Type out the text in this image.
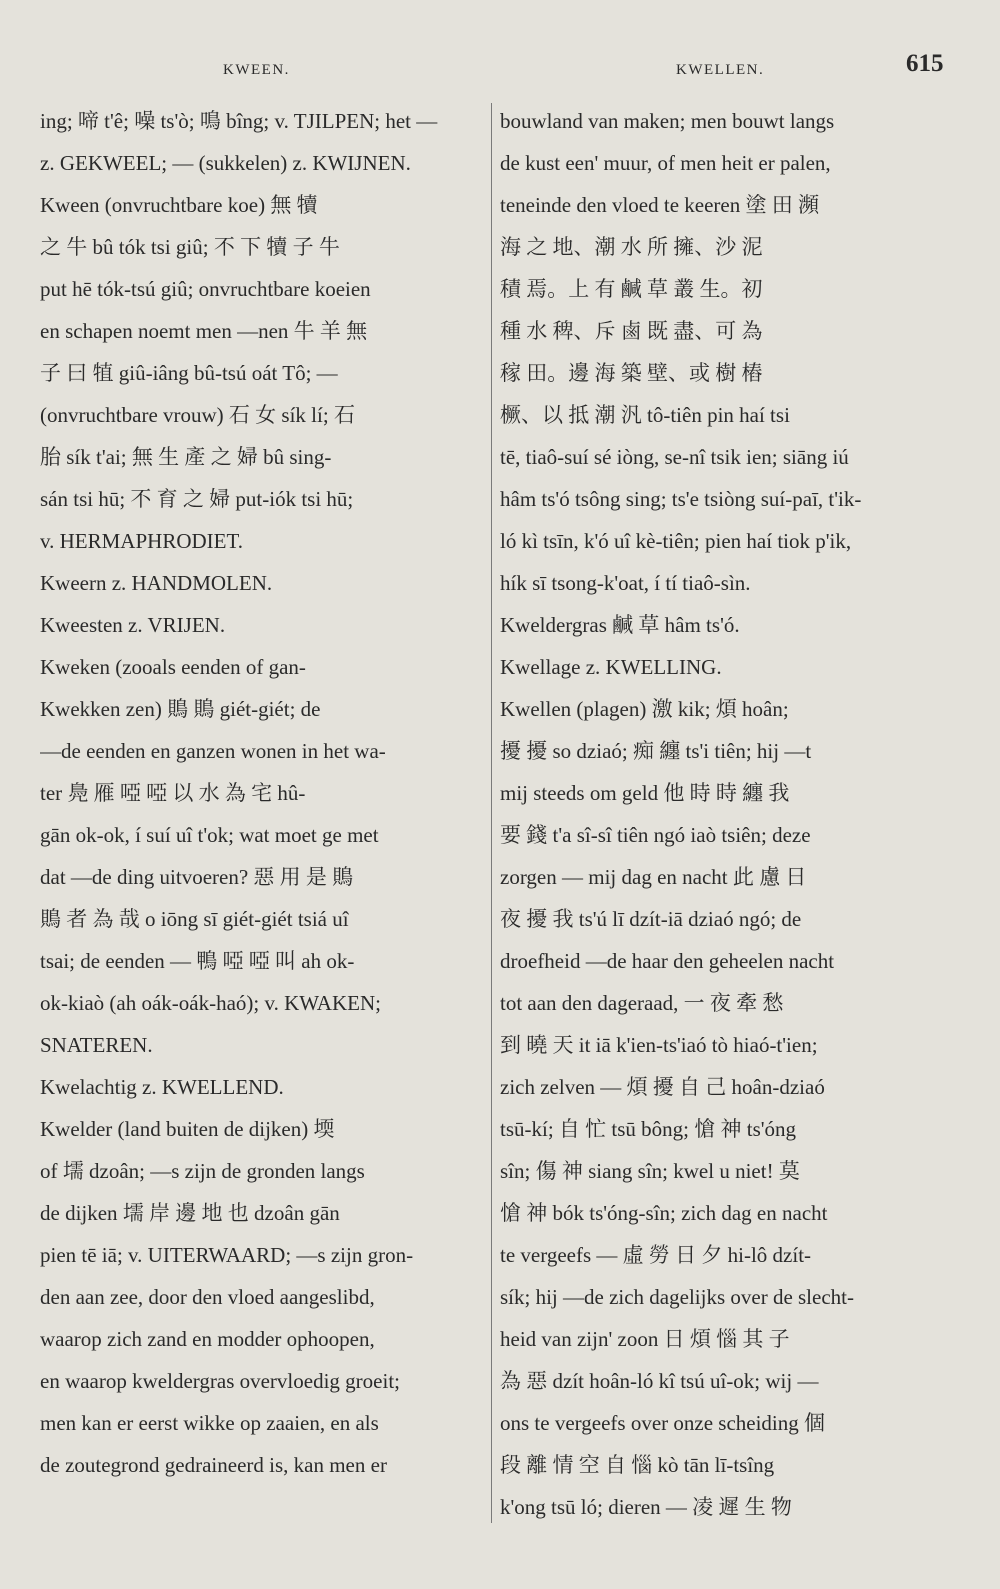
KWEEN.	KWELLEN.	615
ing; 啼 t'ê; 噪 ts'ò; 鳴 bîng; v. TJILPEN; het —
z. GEKWEEL; — (sukkelen) z. KWIJNEN.
Kween (onvruchtbare koe) 無 犢
之 牛 bû tók tsi giû; 不 下 犢 子 牛
put hē tók-tsú giû; onvruchtbare koeien
en schapen noemt men —nen 牛 羊 無
子 曰 犆 giû-iâng bû-tsú oát Tô; —
(onvruchtbare vrouw) 石 女 sík lí; 石
胎 sík t'ai; 無 生 產 之 婦 bû sing-
sán tsi hū; 不 育 之 婦 put-iók tsi hū;
v. HERMAPHRODIET.
Kweern z. HANDMOLEN.
Kweesten z. VRIJEN.
Kweken (zooals eenden of gan-
Kwekken zen) 鵙 鵙 giét-giét; de
—de eenden en ganzen wonen in het wa-
ter 鳧 雁 啞 啞 以 水 為 宅 hû-
gān ok-ok, í suí uî t'ok; wat moet ge met
dat —de ding uitvoeren? 惡 用 是 鵙
鵙 者 為 哉 o iōng sī giét-giét tsiá uî
tsai; de eenden — 鴨 啞 啞 叫 ah ok-
ok-kiaò (ah oák-oák-haó); v. KWAKEN;
SNATEREN.
Kwelachtig z. KWELLEND.
Kwelder (land buiten de dijken) 堧
of 壖 dzoân; —s zijn de gronden langs
de dijken 壖 岸 邊 地 也 dzoân gān
pien tē iā; v. UITERWAARD; —s zijn gron-
den aan zee, door den vloed aangeslibd,
waarop zich zand en modder ophoopen,
en waarop kweldergras overvloedig groeit;
men kan er eerst wikke op zaaien, en als
de zoutegrond gedraineerd is, kan men er
bouwland van maken; men bouwt langs
de kust een' muur, of men heit er palen,
teneinde den vloed te keeren 塗 田 瀕
海 之 地、潮 水 所 擁、沙 泥
積 焉。上 有 鹹 草 叢 生。初
種 水 稗、斥 鹵 既 盡、可 為
稼 田。邊 海 築 壁、或 樹 樁
橛、以 抵 潮 汎 tô-tiên pin haí tsi
tē, tiaô-suí sé iòng, se-nî tsik ien; siāng iú
hâm ts'ó tsông sing; ts'e tsiòng suí-paī, t'ik-
ló kì tsīn, k'ó uî kè-tiên; pien haí tiok p'ik,
hík sī tsong-k'oat, í tí tiaô-sìn.
Kweldergras 鹹 草 hâm ts'ó.
Kwellage z. KWELLING.
Kwellen (plagen) 激 kik; 煩 hoân;
擾 擾 so dziaó; 痴 纏 ts'i tiên; hij —t
mij steeds om geld 他 時 時 纏 我
要 錢 t'a sî-sî tiên ngó iaò tsiên; deze
zorgen — mij dag en nacht 此 慮 日
夜 擾 我 ts'ú lī dzít-iā dziaó ngó; de
droefheid —de haar den geheelen nacht
tot aan den dageraad, 一 夜 牽 愁
到 曉 天 it iā k'ien-ts'iaó tò hiaó-t'ien;
zich zelven — 煩 擾 自 己 hoân-dziaó
tsū-kí; 自 忙 tsū bông; 愴 神 ts'óng
sîn; 傷 神 siang sîn; kwel u niet! 莫
愴 神 bók ts'óng-sîn; zich dag en nacht
te vergeefs — 虛 勞 日 夕 hi-lô dzít-
sík; hij —de zich dagelijks over de slecht-
heid van zijn' zoon 日 煩 惱 其 子
為 惡 dzít hoân-ló kî tsú uî-ok; wij —
ons te vergeefs over onze scheiding 個
段 離 情 空 自 惱 kò tān lī-tsîng
k'ong tsū ló; dieren — 凌 遲 生 物
